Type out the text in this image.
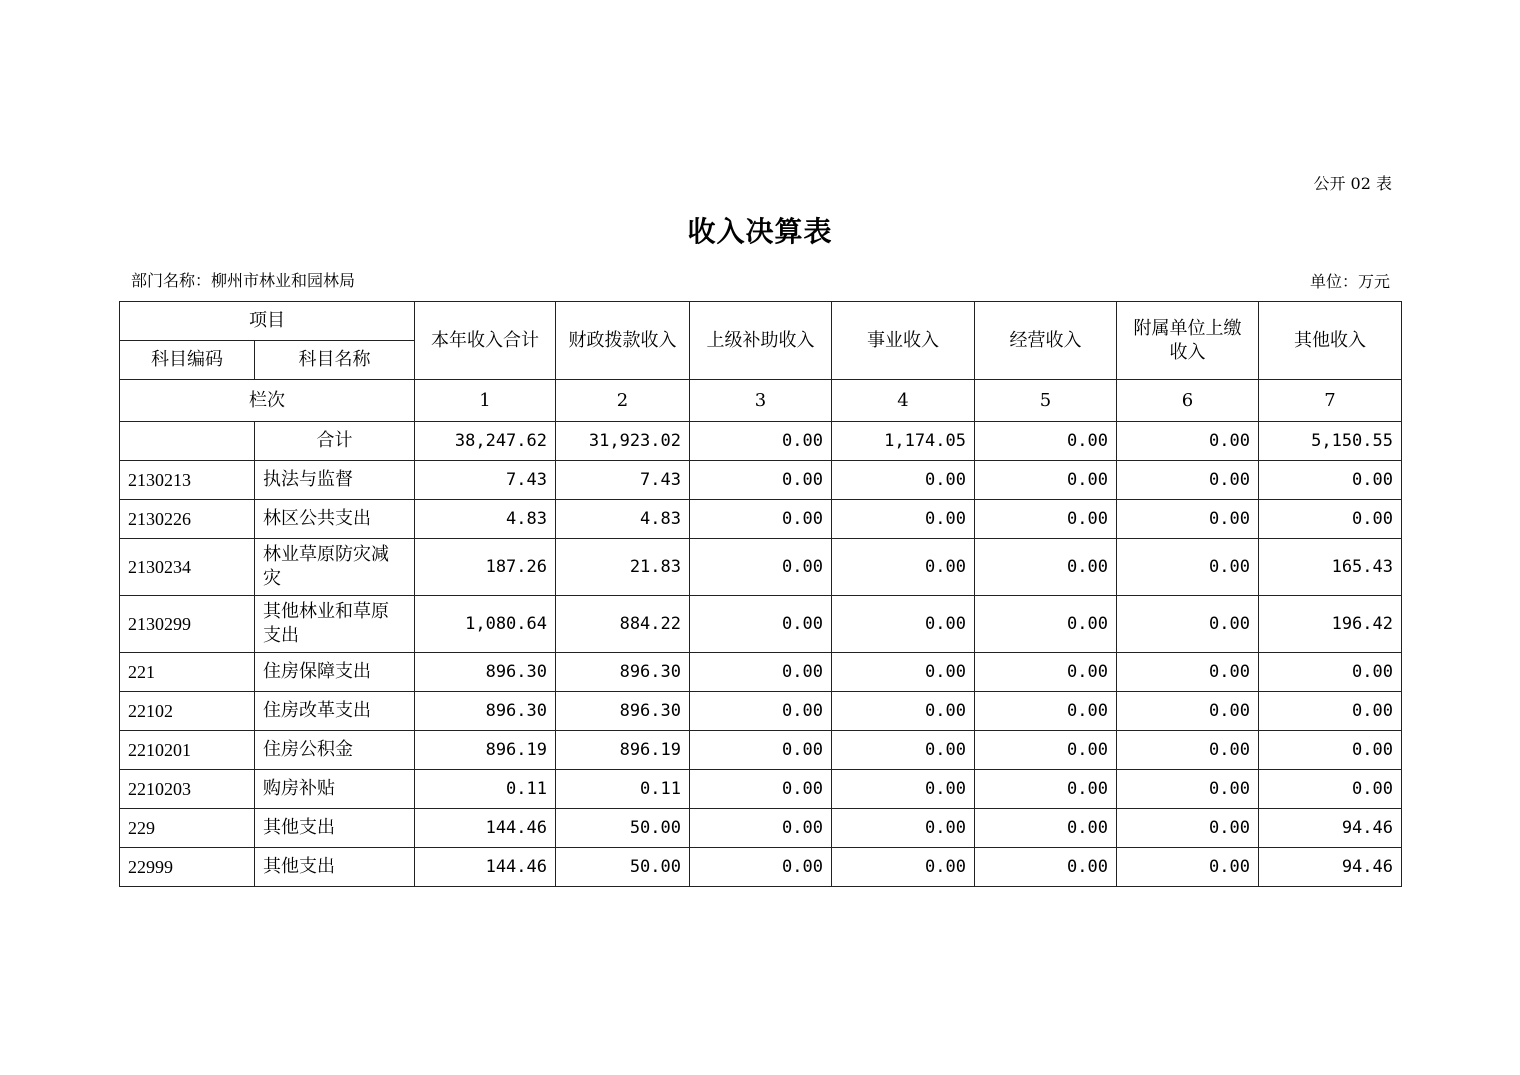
公开 02 表
收入决算表
部门名称：柳州市林业和园林局	单位：万元
项目		本年收入合计	财政拨款收入	上级补助收入	事业收入	经营收入	附属单位上缴收入	其他收入
科目编码	科目名称							
栏次		1	2	3	4	5	6	7
	合计	38,247.62	31,923.02	0.00	1,174.05	0.00	0.00	5,150.55
2130213	执法与监督	7.43	7.43	0.00	0.00	0.00	0.00	0.00
2130226	林区公共支出	4.83	4.83	0.00	0.00	0.00	0.00	0.00
2130234	林业草原防灾减灾	187.26	21.83	0.00	0.00	0.00	0.00	165.43
2130299	其他林业和草原支出	1,080.64	884.22	0.00	0.00	0.00	0.00	196.42
221	住房保障支出	896.30	896.30	0.00	0.00	0.00	0.00	0.00
22102	住房改革支出	896.30	896.30	0.00	0.00	0.00	0.00	0.00
2210201	住房公积金	896.19	896.19	0.00	0.00	0.00	0.00	0.00
2210203	购房补贴	0.11	0.11	0.00	0.00	0.00	0.00	0.00
229	其他支出	144.46	50.00	0.00	0.00	0.00	0.00	94.46
22999	其他支出	144.46	50.00	0.00	0.00	0.00	0.00	94.46
